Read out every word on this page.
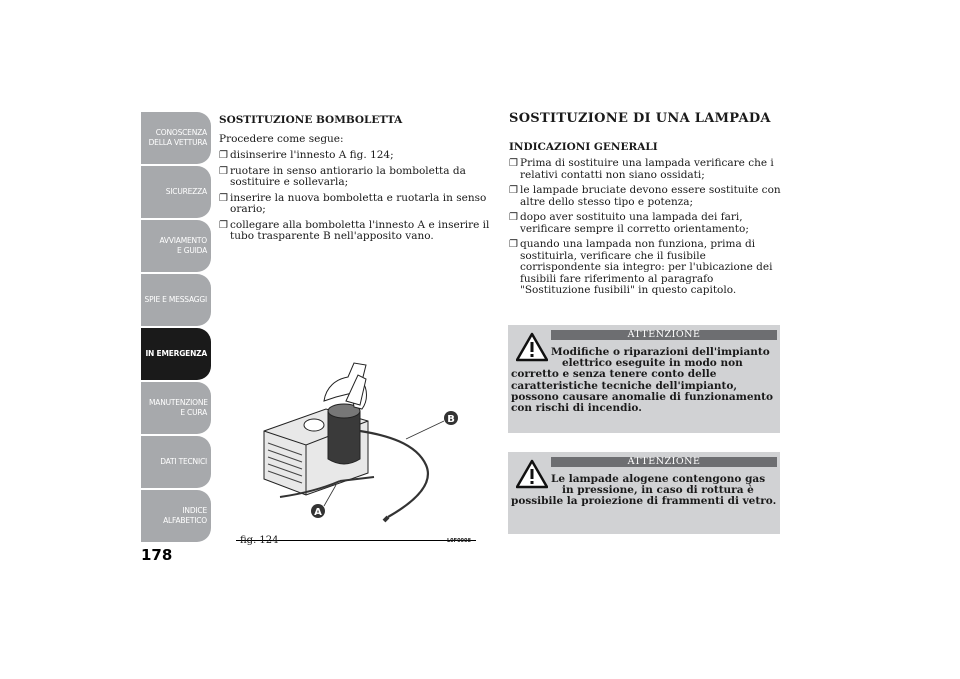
CONOSCENZA DELLA VETTURA
SICUREZZA
AVVIAMENTO E GUIDA
SPIE E MESSAGGI
IN EMERGENZA
MANUTENZIONE E CURA
DATI TECNICI
INDICE ALFABETICO
178
SOSTITUZIONE BOMBOLETTA
Procedere come segue:
❐ disinserire l'innesto A fig. 124;
❐ ruotare in senso antiorario la bomboletta da sostituire e sollevarla;
❐ inserire la nuova bomboletta e ruotarla in senso orario;
❐ collegare alla bomboletta l'innesto A e inserire il tubo trasparente B nell'apposito vano.
B
A
fig. 124	L0F0008
SOSTITUZIONE DI UNA LAMPADA
INDICAZIONI GENERALI
❐ Prima di sostituire una lampada verificare che i relativi contatti non siano ossidati;
❐ le lampade bruciate devono essere sostituite con altre dello stesso tipo e potenza;
❐ dopo aver sostituito una lampada dei fari, verificare sempre il corretto orientamento;
❐ quando una lampada non funziona, prima di sostituirla, verificare che il fusibile corrispondente sia integro: per l'ubicazione dei fusibili fare riferimento al paragrafo "Sostituzione fusibili" in questo capitolo.
ATTENZIONE
Modifiche o riparazioni dell'impianto
elettrico eseguite in modo non
corretto e senza tenere conto delle caratteristiche tecniche dell'impianto, possono causare anomalie di funzionamento con rischi di incendio.
ATTENZIONE
Le lampade alogene contengono gas
in pressione, in caso di rottura è
possibile la proiezione di frammenti di vetro.
